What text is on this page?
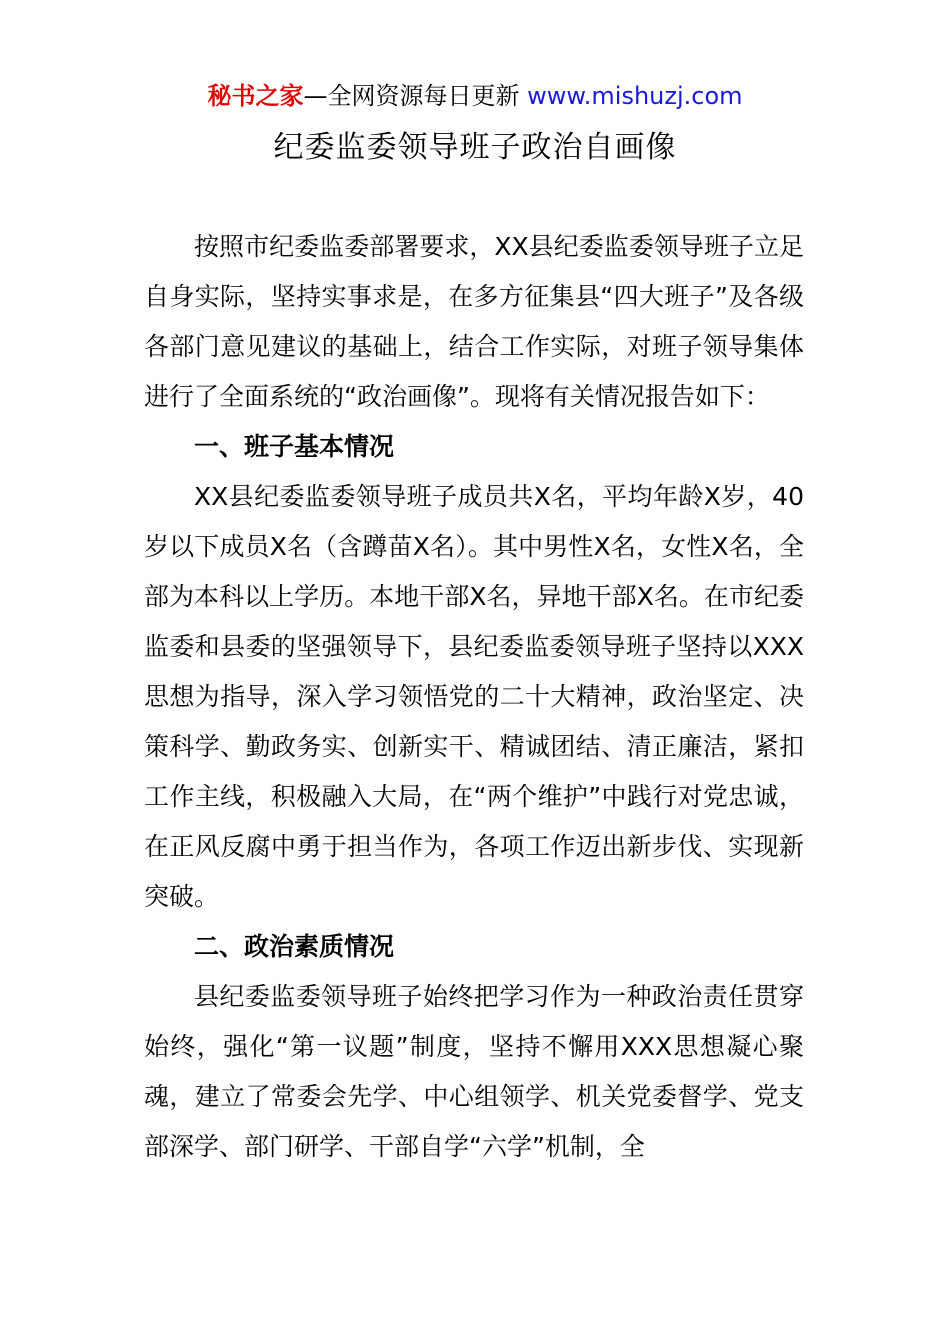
秘书之家—全网资源每日更新 www.mishuzj.com
纪委监委领导班子政治自画像

按照市纪委监委部署要求，XX县纪委监委领导班子立足自身实际，坚持实事求是，在多方征集县“四大班子”及各级各部门意见建议的基础上，结合工作实际，对班子领导集体进行了全面系统的“政治画像”。现将有关情况报告如下：

一、班子基本情况

XX县纪委监委领导班子成员共X名，平均年龄X岁，40岁以下成员X名（含蹲苗X名）。其中男性X名，女性X名，全部为本科以上学历。本地干部X名，异地干部X名。在市纪委监委和县委的坚强领导下，县纪委监委领导班子坚持以XXX思想为指导，深入学习领悟党的二十大精神，政治坚定、决策科学、勤政务实、创新实干、精诚团结、清正廉洁，紧扣工作主线，积极融入大局，在“两个维护”中践行对党忠诚，在正风反腐中勇于担当作为，各项工作迈出新步伐、实现新突破。

二、政治素质情况

县纪委监委领导班子始终把学习作为一种政治责任贯穿始终，强化“第一议题”制度，坚持不懈用XXX思想凝心聚魂，建立了常委会先学、中心组领学、机关党委督学、党支部深学、部门研学、干部自学“六学”机制，全
